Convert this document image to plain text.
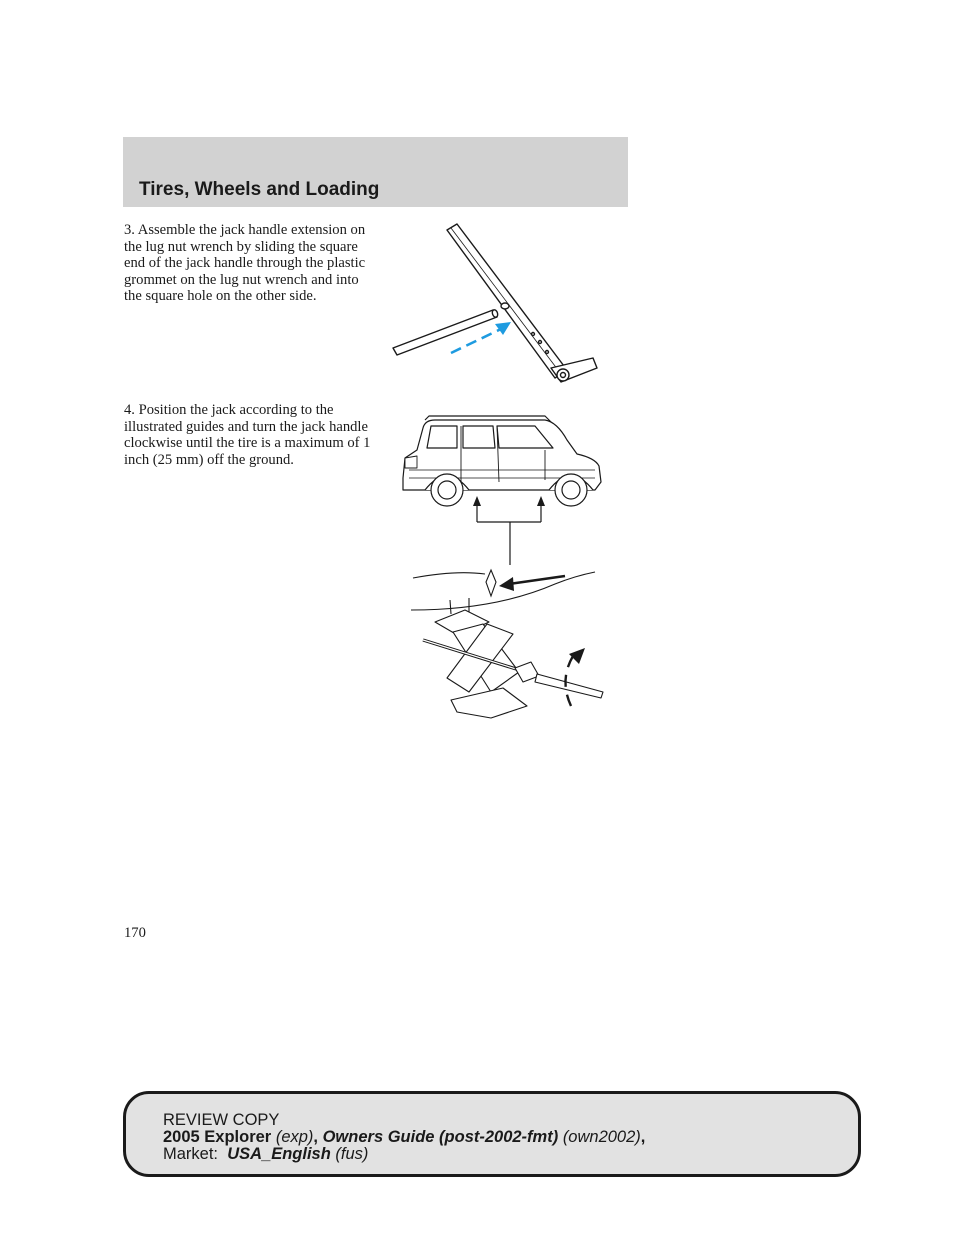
Tires, Wheels and Loading

3. Assemble the jack handle extension on the lug nut wrench by sliding the square end of the jack handle through the plastic grommet on the lug nut wrench and into the square hole on the other side.

4. Position the jack according to the illustrated guides and turn the jack handle clockwise until the tire is a maximum of 1 inch (25 mm) off the ground.

170
REVIEW COPY
2005 Explorer (exp), Owners Guide (post-2002-fmt) (own2002),
Market: USA_English (fus)
